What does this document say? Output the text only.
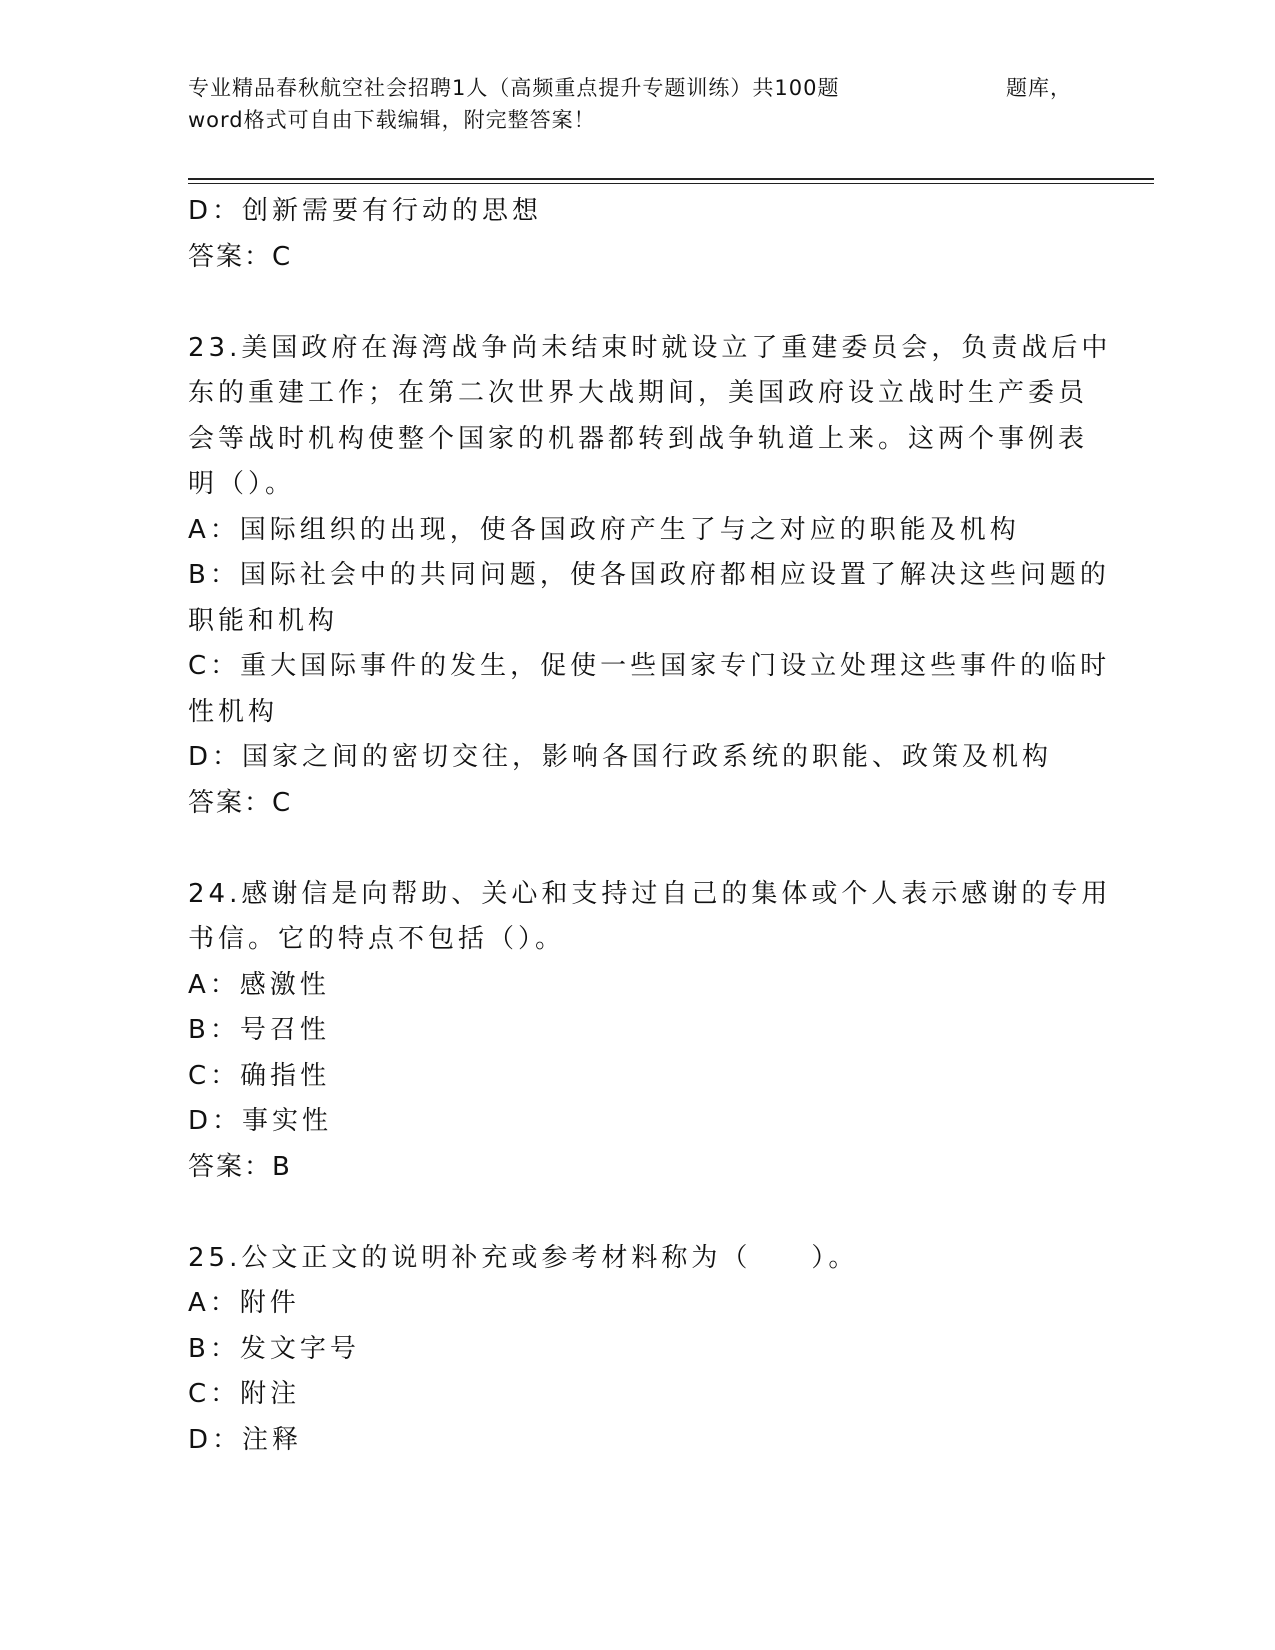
专业精品春秋航空社会招聘1人（高频重点提升专题训练）共100题	题库，
word格式可自由下载编辑，附完整答案！
D：创新需要有行动的思想
答案：C
23.美国政府在海湾战争尚未结束时就设立了重建委员会，负责战后中
东的重建工作；在第二次世界大战期间，美国政府设立战时生产委员
会等战时机构使整个国家的机器都转到战争轨道上来。这两个事例表
明（）。
A：国际组织的出现，使各国政府产生了与之对应的职能及机构
B：国际社会中的共同问题，使各国政府都相应设置了解决这些问题的
职能和机构
C：重大国际事件的发生，促使一些国家专门设立处理这些事件的临时
性机构
D：国家之间的密切交往，影响各国行政系统的职能、政策及机构
答案：C
24.感谢信是向帮助、关心和支持过自己的集体或个人表示感谢的专用
书信。它的特点不包括（）。
A：感激性
B：号召性
C：确指性
D：事实性
答案：B
25.公文正文的说明补充或参考材料称为（　　）。
A：附件
B：发文字号
C：附注
D：注释
